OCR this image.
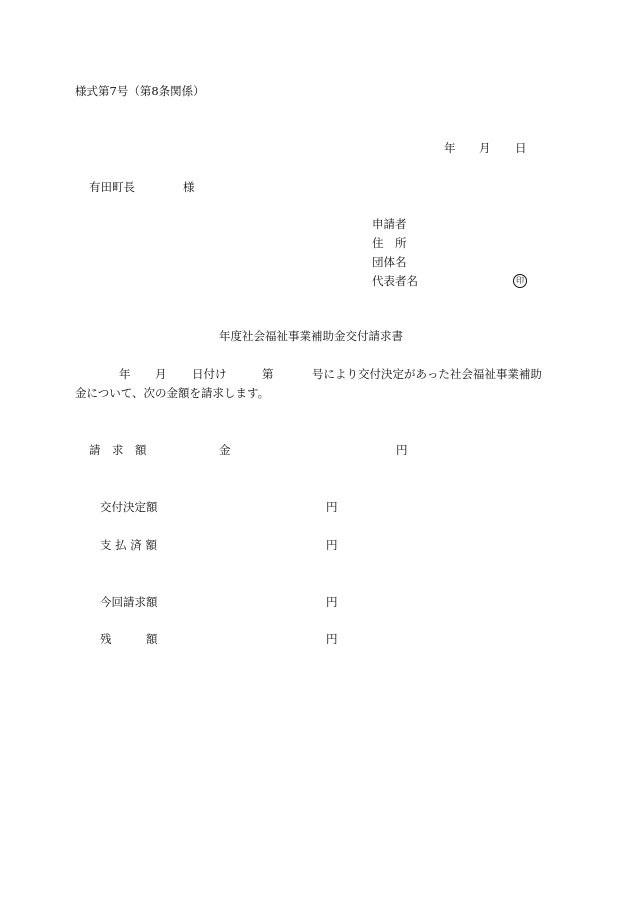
様式第7号（第8条関係）
年 月 日
有田町長	様
申請者
住　所
団体名
代表者名	印
年度社会福祉事業補助金交付請求書
年 月 日付け	第	号により交付決定があった社会福祉事業補助
金について、次の金額を請求します。
請　求　額	金	円
交付決定額	円
支 払 済 額	円
今回請求額	円
残　　　額	円
